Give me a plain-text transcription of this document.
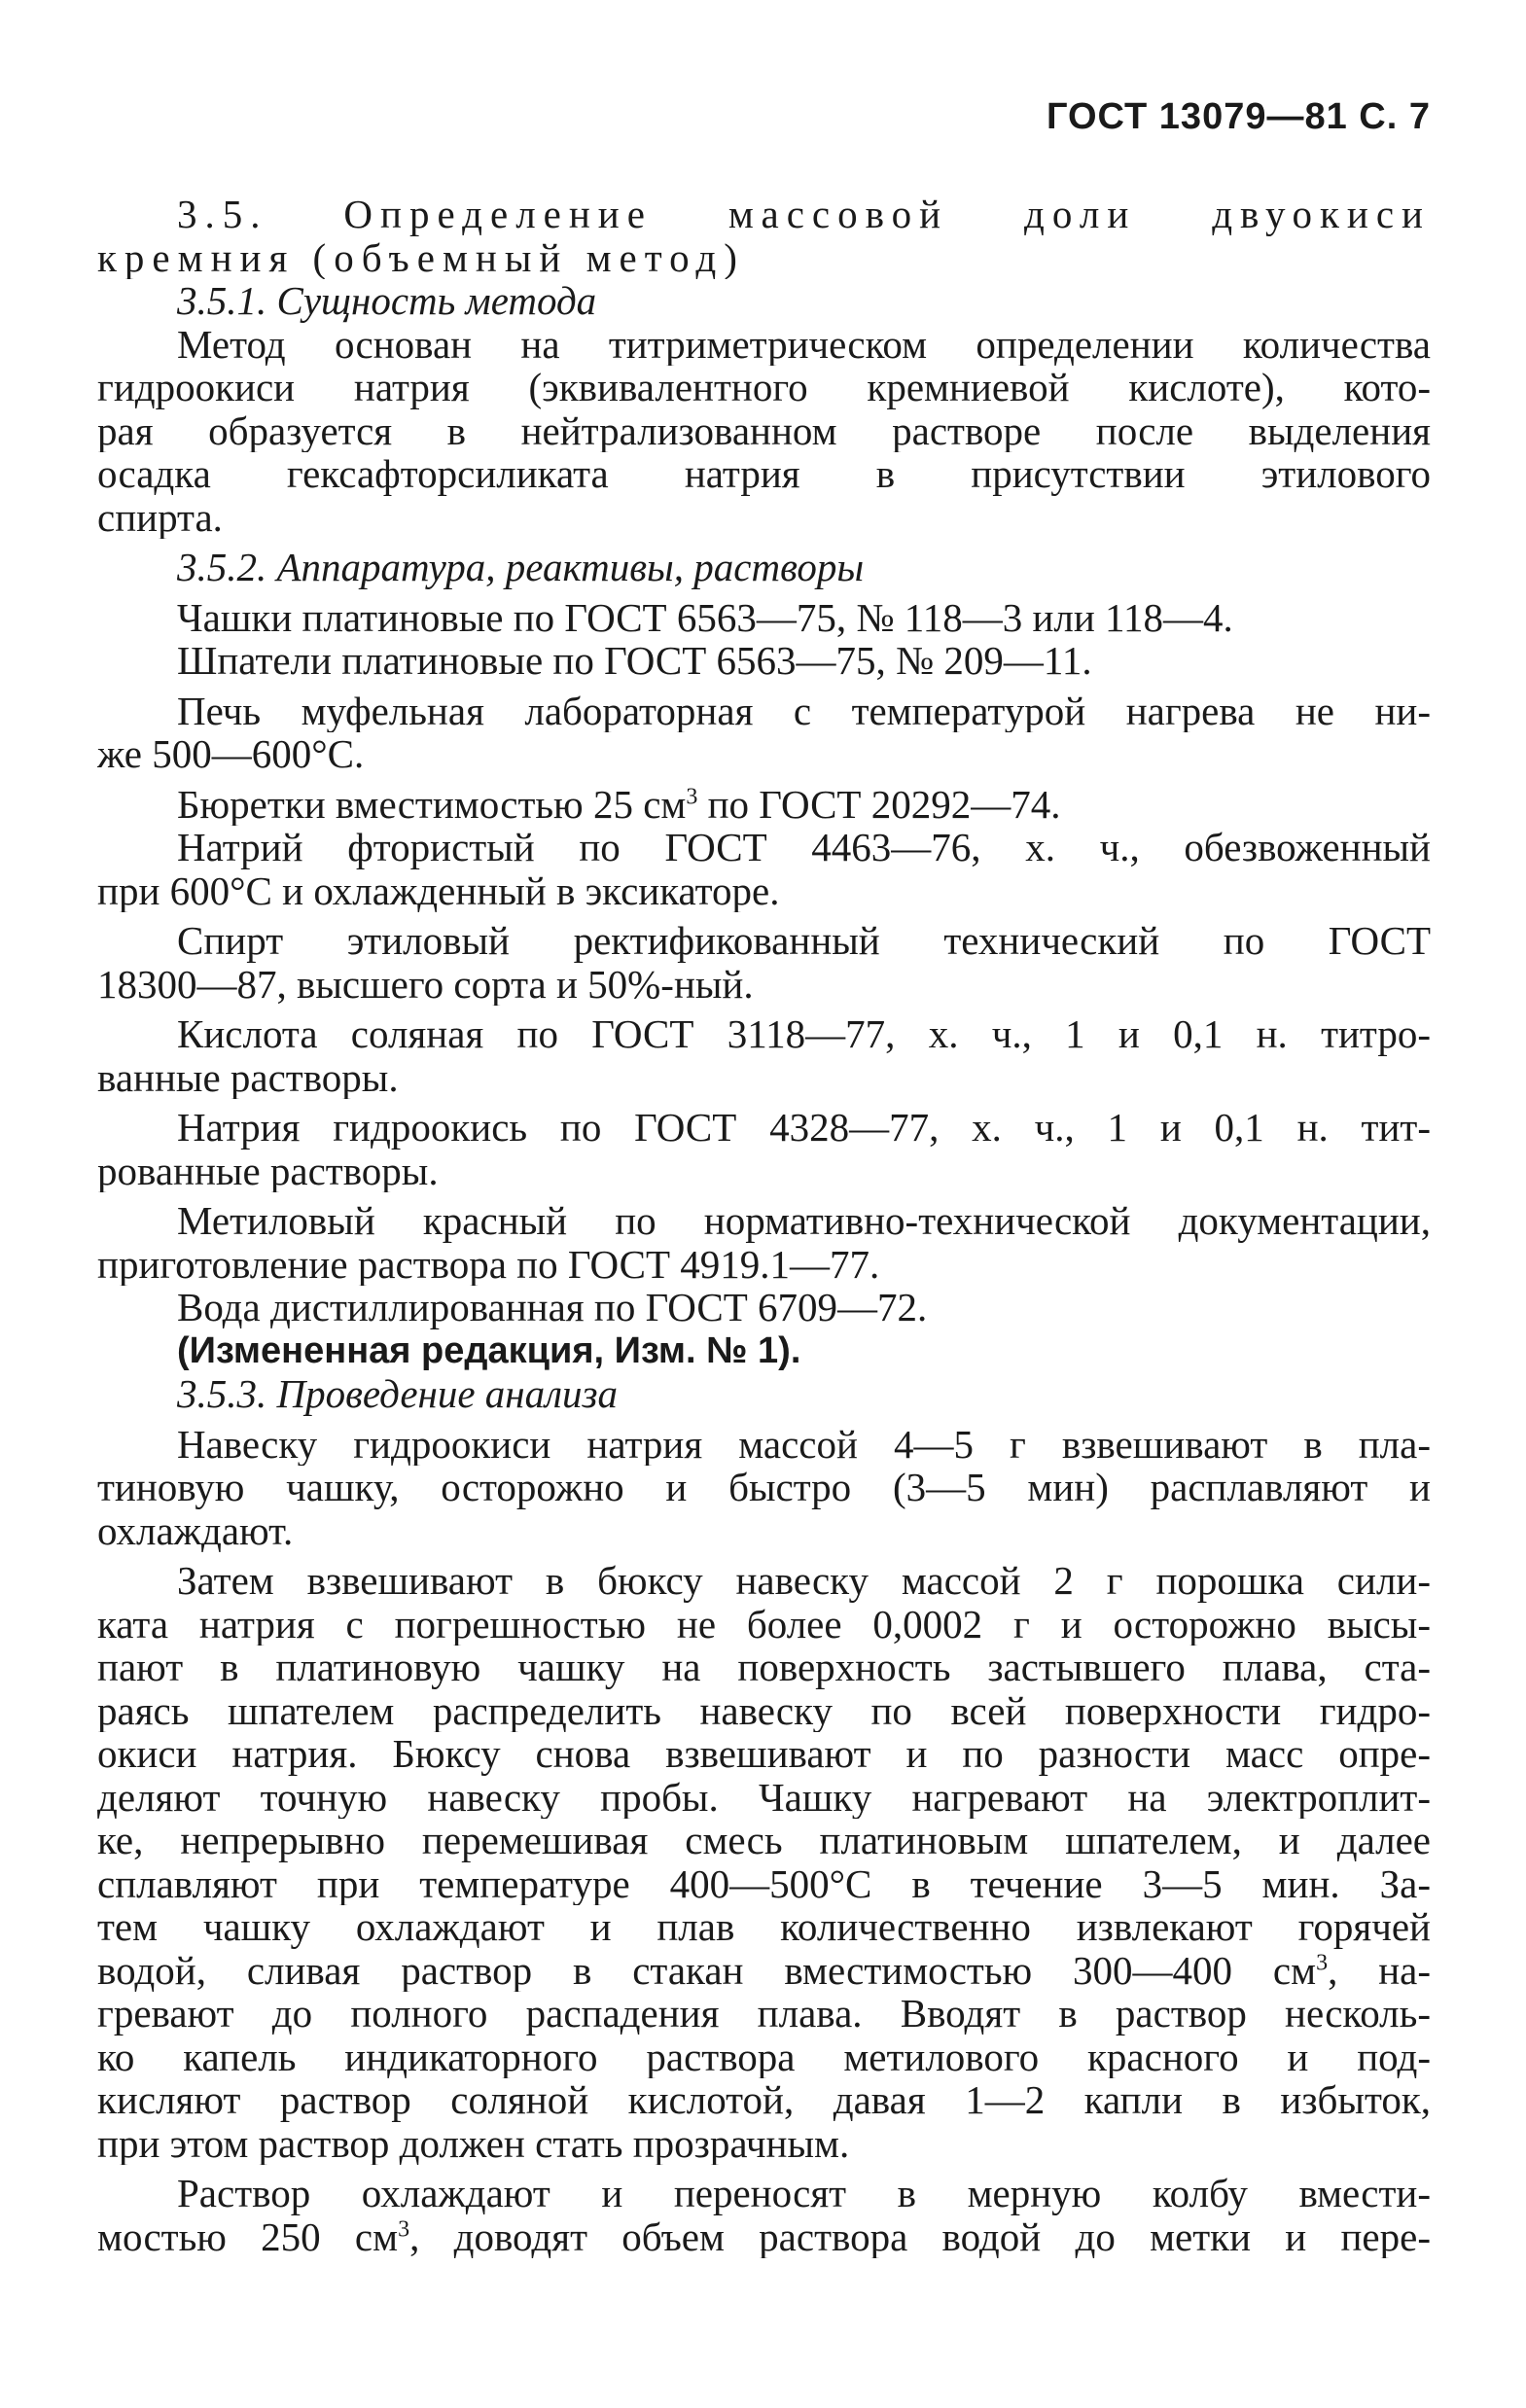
ГОСТ 13079—81 С. 7
3.5. Определение массовой доли двуокиси
кремния (объемный метод)
3.5.1. Сущность метода
Метод основан на титриметрическом определении количества
гидроокиси натрия (эквивалентного кремниевой кислоте), кото-
рая образуется в нейтрализованном растворе после выделения
осадка гексафторсиликата натрия в присутствии этилового
спирта.
3.5.2. Аппаратура, реактивы, растворы
Чашки платиновые по ГОСТ 6563—75, № 118—3 или 118—4.
Шпатели платиновые по ГОСТ 6563—75, № 209—11.
Печь муфельная лабораторная с температурой нагрева не ни-
же 500—600°С.
Бюретки вместимостью 25 $см^3$ по ГОСТ 20292—74.
Натрий фтористый по ГОСТ 4463—76, х. ч., обезвоженный
при 600°С и охлажденный в эксикаторе.
Спирт этиловый ректификованный технический по ГОСТ
18300—87, высшего сорта и 50%-ный.
Кислота соляная по ГОСТ 3118—77, х. ч., 1 и 0,1 н. титро-
ванные растворы.
Натрия гидроокись по ГОСТ 4328—77, х. ч., 1 и 0,1 н. тит-
рованные растворы.
Метиловый красный по нормативно-технической документации,
приготовление раствора по ГОСТ 4919.1—77.
Вода дистиллированная по ГОСТ 6709—72.
(Измененная редакция, Изм. № 1).
3.5.3. Проведение анализа
Навеску гидроокиси натрия массой 4—5 г взвешивают в пла-
тиновую чашку, осторожно и быстро (3—5 мин) расплавляют и
охлаждают.
Затем взвешивают в бюксу навеску массой 2 г порошка сили-
ката натрия с погрешностью не более 0,0002 г и осторожно высы-
пают в платиновую чашку на поверхность застывшего плава, ста-
раясь шпателем распределить навеску по всей поверхности гидро-
окиси натрия. Бюксу снова взвешивают и по разности масс опре-
деляют точную навеску пробы. Чашку нагревают на электроплит-
ке, непрерывно перемешивая смесь платиновым шпателем, и далее
сплавляют при температуре 400—500°С в течение 3—5 мин. За-
тем чашку охлаждают и плав количественно извлекают горячей
водой, сливая раствор в стакан вместимостью 300—400 $см^3$, на-
гревают до полного распадения плава. Вводят в раствор несколь-
ко капель индикаторного раствора метилового красного и под-
кисляют раствор соляной кислотой, давая 1—2 капли в избыток,
при этом раствор должен стать прозрачным.
Раствор охлаждают и переносят в мерную колбу вмести-
мостью 250 $см^3$, доводят объем раствора водой до метки и пере-
